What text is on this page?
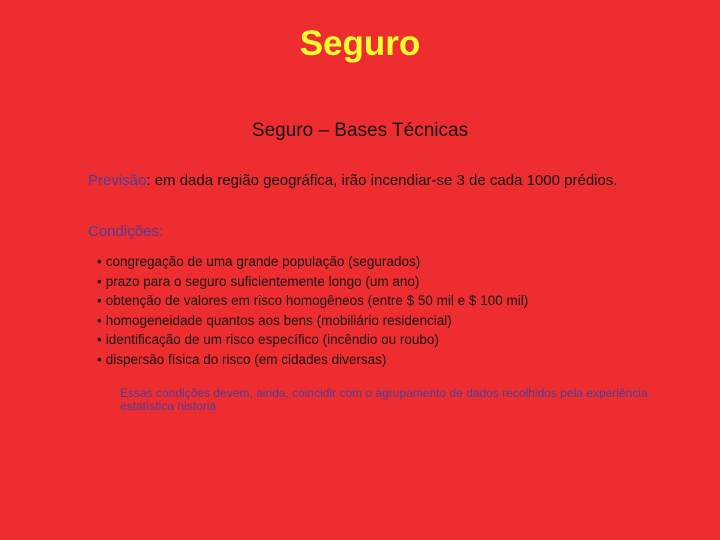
Seguro
Seguro – Bases Técnicas
Previsão: em dada região geográfica, irão incendiar-se 3 de cada 1000 prédios.
Condições:
• congregação de uma grande população (segurados)
• prazo para o seguro suficientemente longo (um ano)
• obtenção de valores em risco homogêneos (entre $ 50 mil e $ 100 mil)
• homogeneidade quantos aos bens (mobiliário residencial)
• identificação de um risco específico (incêndio ou roubo)
• dispersão física do risco (em cidades diversas)
Essas condições devem, ainda, coincidir com o agrupamento de dados recolhidos pela experiência estatística historia
